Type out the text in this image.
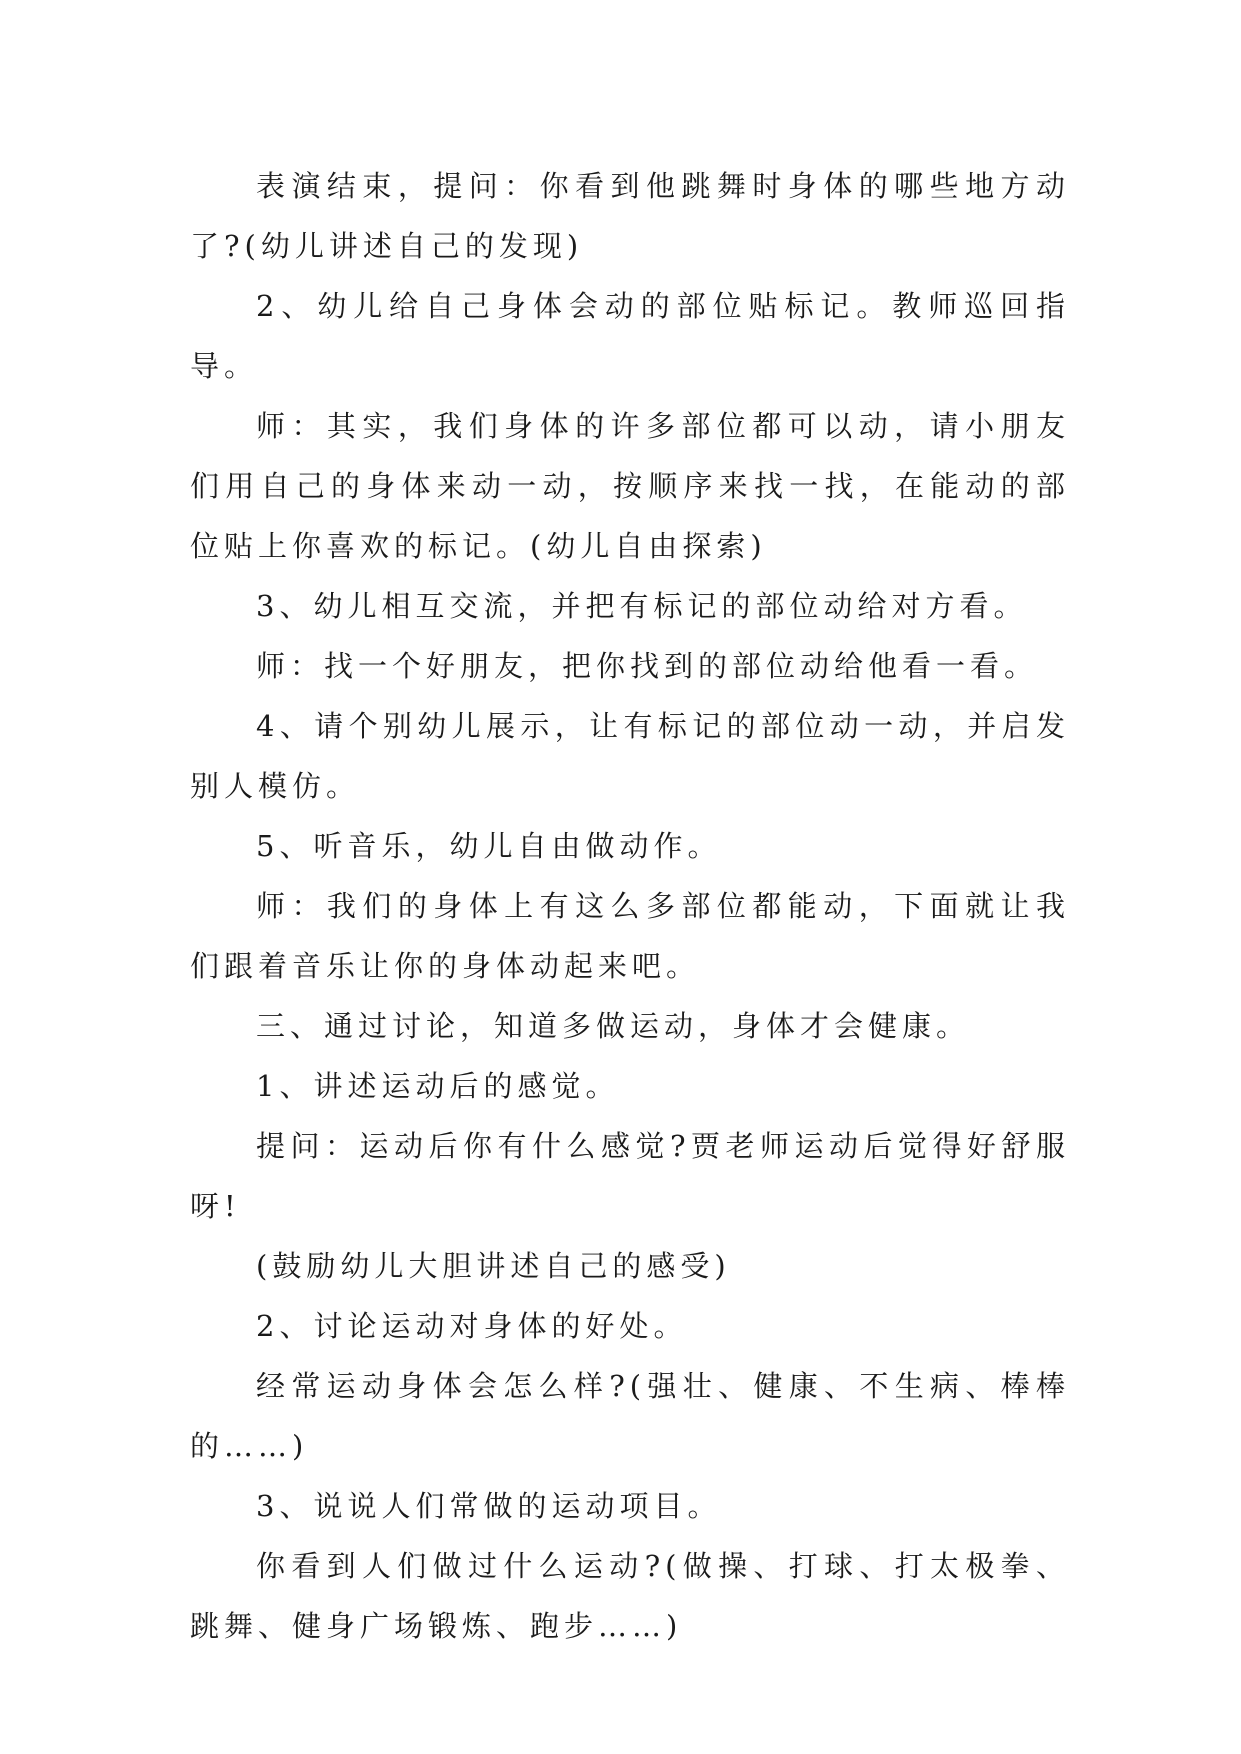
表演结束，提问：你看到他跳舞时身体的哪些地方动了?(幼儿讲述自己的发现)

2、幼儿给自己身体会动的部位贴标记。教师巡回指导。

师：其实，我们身体的许多部位都可以动，请小朋友们用自己的身体来动一动，按顺序来找一找，在能动的部位贴上你喜欢的标记。(幼儿自由探索)

3、幼儿相互交流，并把有标记的部位动给对方看。

师：找一个好朋友，把你找到的部位动给他看一看。

4、请个别幼儿展示，让有标记的部位动一动，并启发别人模仿。

5、听音乐，幼儿自由做动作。

师：我们的身体上有这么多部位都能动，下面就让我们跟着音乐让你的身体动起来吧。

三、通过讨论，知道多做运动，身体才会健康。

1、讲述运动后的感觉。

提问：运动后你有什么感觉?贾老师运动后觉得好舒服呀!

(鼓励幼儿大胆讲述自己的感受)

2、讨论运动对身体的好处。

经常运动身体会怎么样?(强壮、健康、不生病、棒棒的……)

3、说说人们常做的运动项目。

你看到人们做过什么运动?(做操、打球、打太极拳、跳舞、健身广场锻炼、跑步……)
